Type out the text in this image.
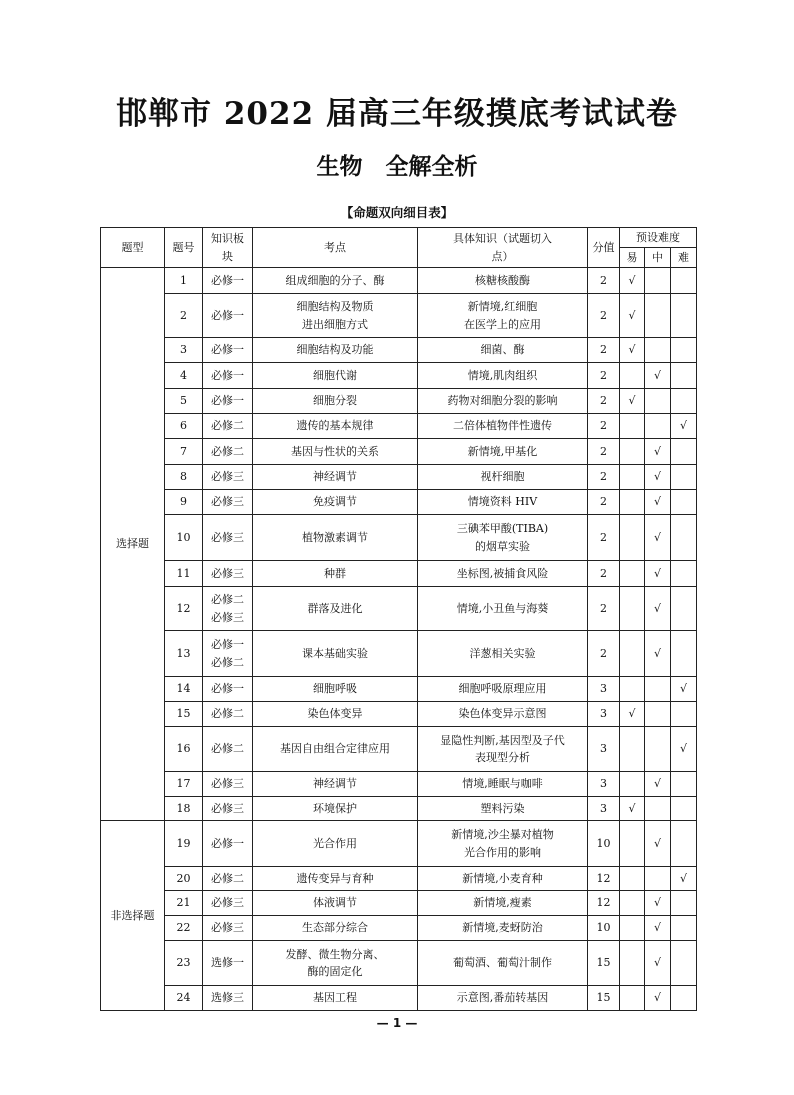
邯郸市 2022 届高三年级摸底考试试卷
生物　全解全析
【命题双向细目表】
题型	题号	知识板块	考点	具体知识（试题切入点）	分值	预设难度		
						易	中	难
选择题	1	必修一	组成细胞的分子、酶	核糖核酸酶	2	√		
	2	必修一	细胞结构及物质
进出细胞方式	新情境,红细胞
在医学上的应用	2	√		
	3	必修一	细胞结构及功能	细菌、酶	2	√		
	4	必修一	细胞代谢	情境,肌肉组织	2		√	
	5	必修一	细胞分裂	药物对细胞分裂的影响	2	√		
	6	必修二	遗传的基本规律	二倍体植物伴性遗传	2			√
	7	必修二	基因与性状的关系	新情境,甲基化	2		√	
	8	必修三	神经调节	视杆细胞	2		√	
	9	必修三	免疫调节	情境资料 HIV	2		√	
	10	必修三	植物激素调节	三碘苯甲酸(TIBA)
的烟草实验	2		√	
	11	必修三	种群	坐标图,被捕食风险	2		√	
	12	必修二
必修三	群落及进化	情境,小丑鱼与海葵	2		√	
	13	必修一
必修二	课本基础实验	洋葱相关实验	2		√	
	14	必修一	细胞呼吸	细胞呼吸原理应用	3			√
	15	必修二	染色体变异	染色体变异示意图	3	√		
	16	必修二	基因自由组合定律应用	显隐性判断,基因型及子代
表现型分析	3			√
	17	必修三	神经调节	情境,睡眠与咖啡	3		√	
	18	必修三	环境保护	塑料污染	3	√		
非选择题	19	必修一	光合作用	新情境,沙尘暴对植物
光合作用的影响	10		√	
	20	必修二	遗传变异与育种	新情境,小麦育种	12			√
	21	必修三	体液调节	新情境,瘦素	12		√	
	22	必修三	生态部分综合	新情境,麦蚜防治	10		√	
	23	选修一	发酵、微生物分离、
酶的固定化	葡萄酒、葡萄汁制作	15		√	
	24	选修三	基因工程	示意图,番茄转基因	15		√	
— 1 —
